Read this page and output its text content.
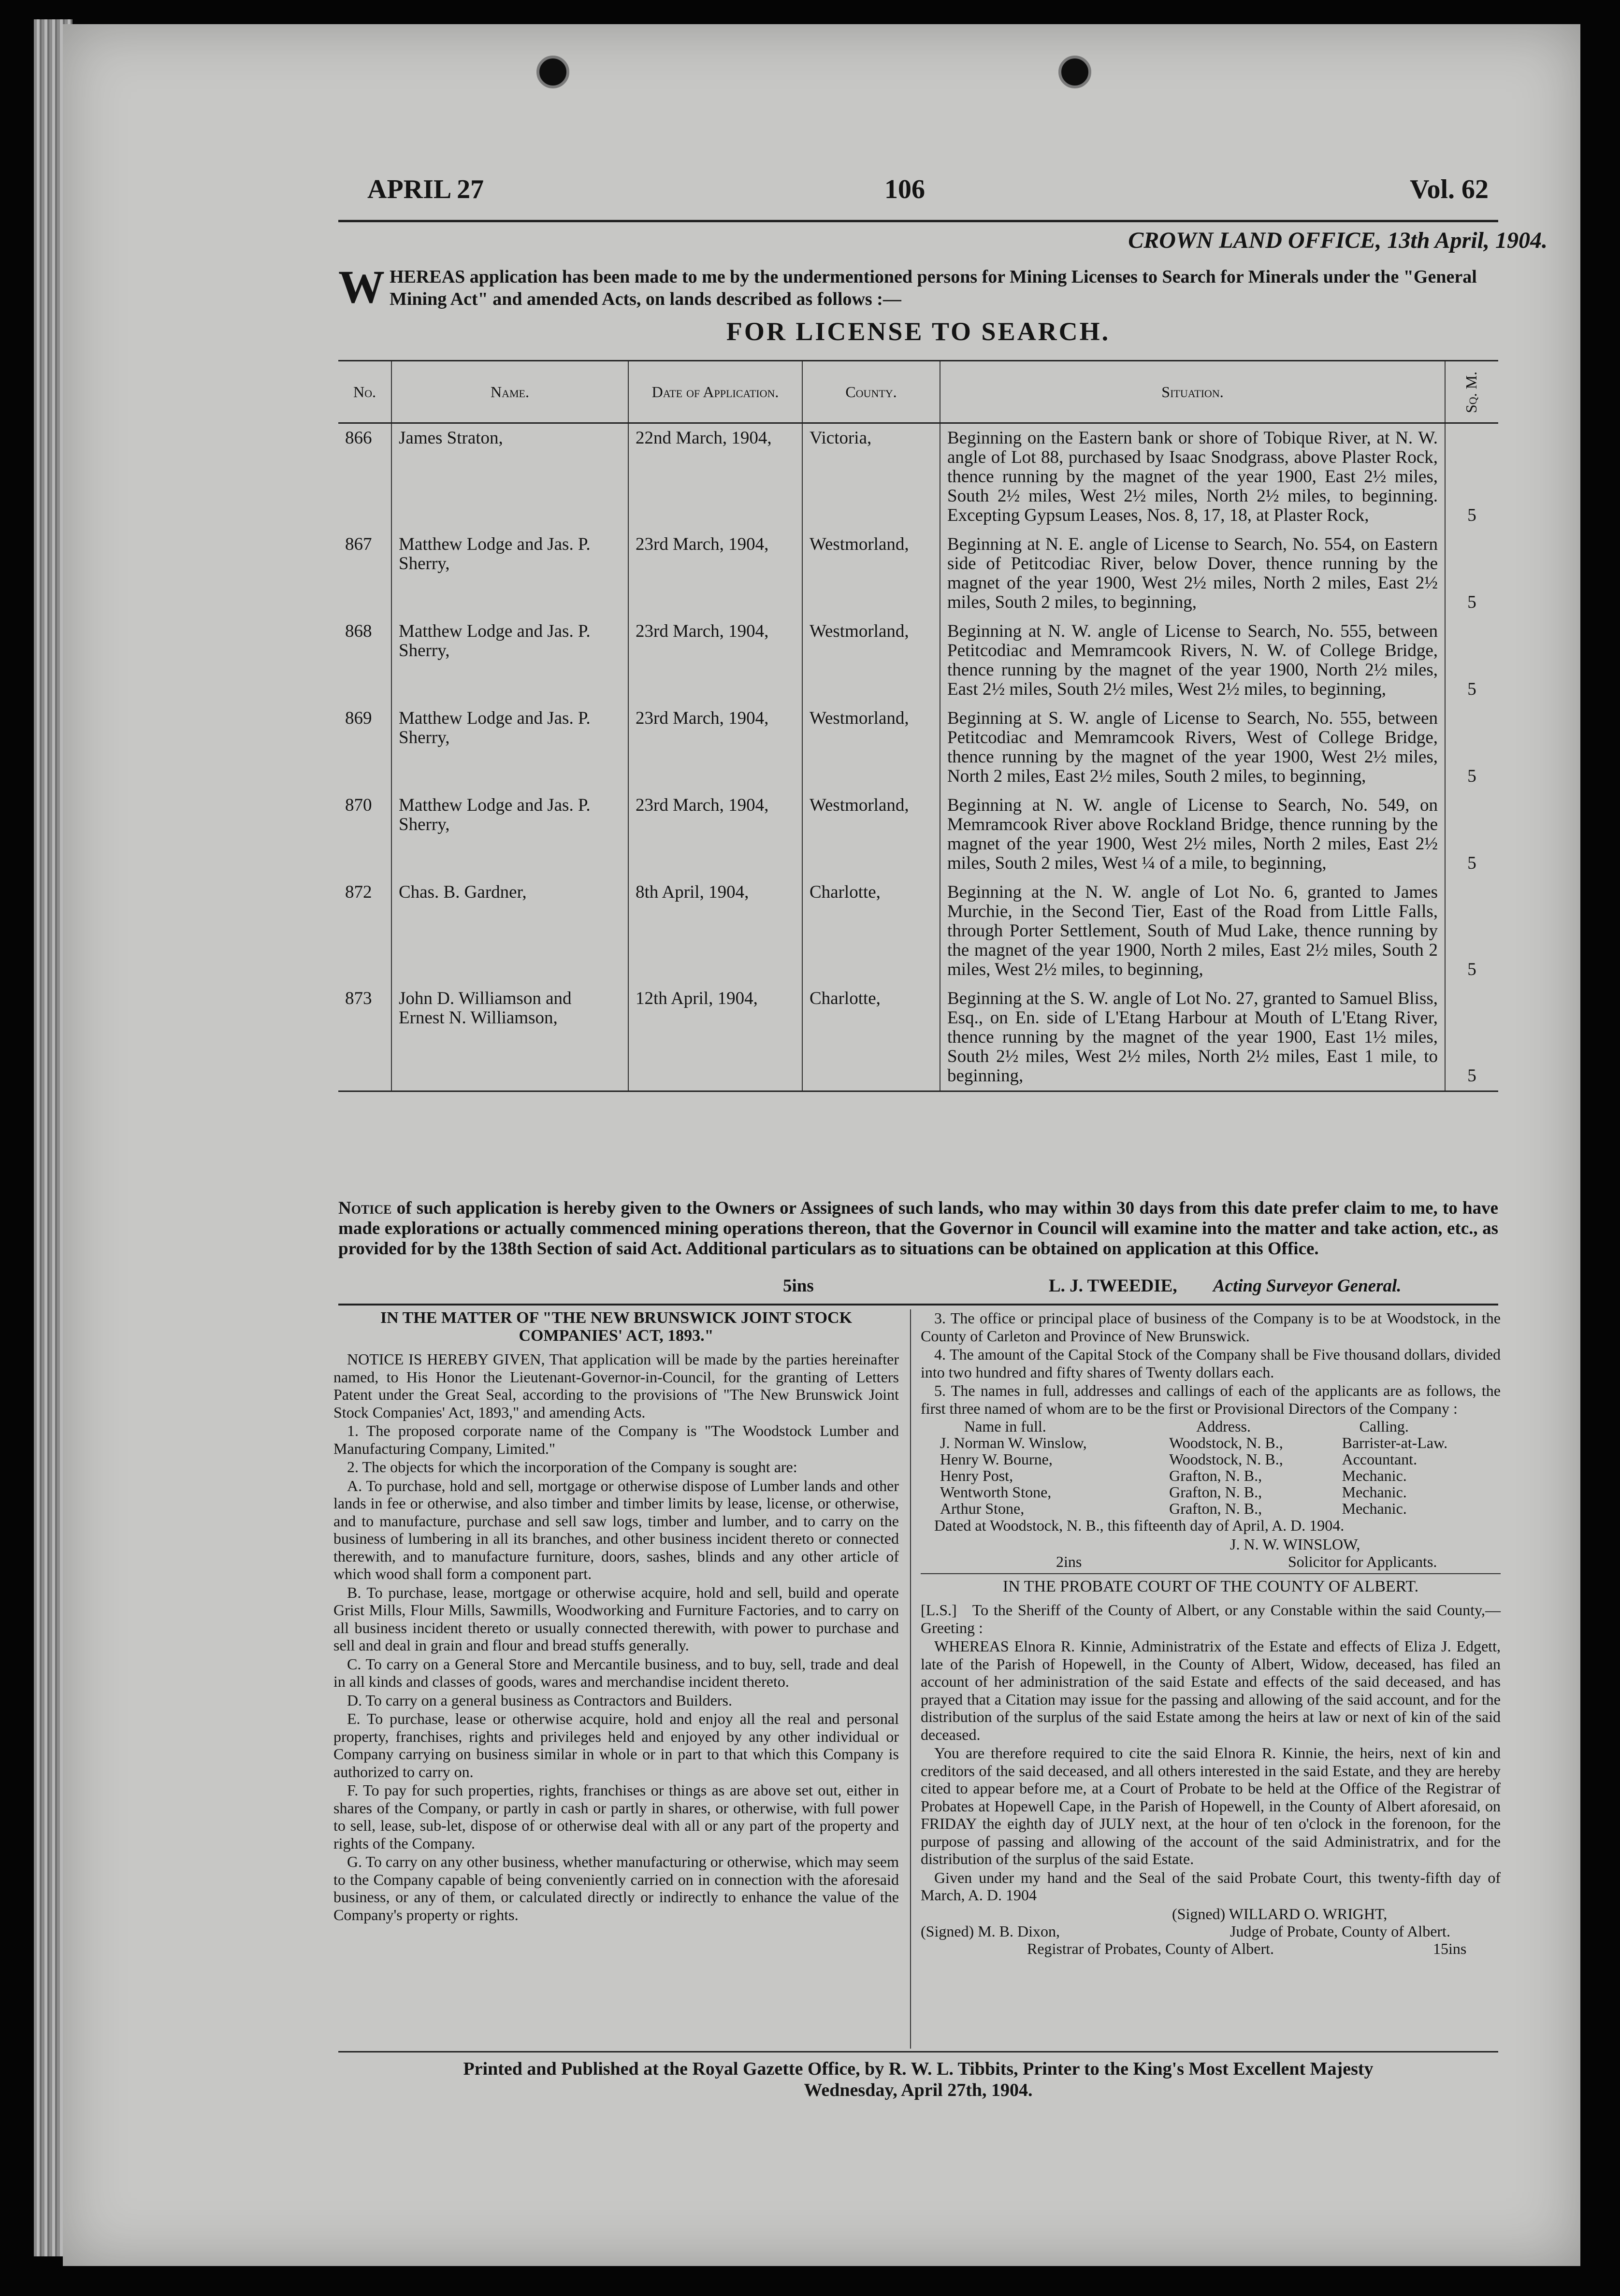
APRIL 27	106	Vol. 62
CROWN LAND OFFICE, 13th April, 1904.
W HEREAS application has been made to me by the undermentioned persons for Mining Licenses to Search for Minerals under the "General Mining Act" and amended Acts, on lands described as follows :—
FOR LICENSE TO SEARCH.
No.	Name.	Date of Application.	County.	Situation.	Sq. M.
866	James Straton,	22nd March, 1904,	Victoria,	Beginning on the Eastern bank or shore of Tobique River, at N. W. angle of Lot 88, purchased by Isaac Snodgrass, above Plaster Rock, thence running by the magnet of the year 1900, East 2½ miles, South 2½ miles, West 2½ miles, North 2½ miles, to beginning. Excepting Gypsum Leases, Nos. 8, 17, 18, at Plaster Rock,	5
867	Matthew Lodge and Jas. P. Sherry,	23rd March, 1904,	Westmorland,	Beginning at N. E. angle of License to Search, No. 554, on Eastern side of Petitcodiac River, below Dover, thence running by the magnet of the year 1900, West 2½ miles, North 2 miles, East 2½ miles, South 2 miles, to beginning,	5
868	Matthew Lodge and Jas. P. Sherry,	23rd March, 1904,	Westmorland,	Beginning at N. W. angle of License to Search, No. 555, between Petitcodiac and Memramcook Rivers, N. W. of College Bridge, thence running by the magnet of the year 1900, North 2½ miles, East 2½ miles, South 2½ miles, West 2½ miles, to beginning,	5
869	Matthew Lodge and Jas. P. Sherry,	23rd March, 1904,	Westmorland,	Beginning at S. W. angle of License to Search, No. 555, between Petitcodiac and Memramcook Rivers, West of College Bridge, thence running by the magnet of the year 1900, West 2½ miles, North 2 miles, East 2½ miles, South 2 miles, to beginning,	5
870	Matthew Lodge and Jas. P. Sherry,	23rd March, 1904,	Westmorland,	Beginning at N. W. angle of License to Search, No. 549, on Memramcook River above Rockland Bridge, thence running by the magnet of the year 1900, West 2½ miles, North 2 miles, East 2½ miles, South 2 miles, West ¼ of a mile, to beginning,	5
872	Chas. B. Gardner,	8th April, 1904,	Charlotte,	Beginning at the N. W. angle of Lot No. 6, granted to James Murchie, in the Second Tier, East of the Road from Little Falls, through Porter Settlement, South of Mud Lake, thence running by the magnet of the year 1900, North 2 miles, East 2½ miles, South 2 miles, West 2½ miles, to beginning,	5
873	John D. Williamson and Ernest N. Williamson,	12th April, 1904,	Charlotte,	Beginning at the S. W. angle of Lot No. 27, granted to Samuel Bliss, Esq., on En. side of L'Etang Harbour at Mouth of L'Etang River, thence running by the magnet of the year 1900, East 1½ miles, South 2½ miles, West 2½ miles, North 2½ miles, East 1 mile, to beginning,	5
Notice of such application is hereby given to the Owners or Assignees of such lands, who may within 30 days from this date prefer claim to me, to have made explorations or actually commenced mining operations thereon, that the Governor in Council will examine into the matter and take action, etc., as provided for by the 138th Section of said Act. Additional particulars as to situations can be obtained on application at this Office.
5ins	L. J. TWEEDIE, Acting Surveyor General.

IN THE MATTER OF "THE NEW BRUNSWICK JOINT STOCK COMPANIES' ACT, 1893."

NOTICE IS HEREBY GIVEN, That application will be made by the parties hereinafter named, to His Honor the Lieutenant-Governor-in-Council, for the granting of Letters Patent under the Great Seal, according to the provisions of "The New Brunswick Joint Stock Companies' Act, 1893," and amending Acts.

1. The proposed corporate name of the Company is "The Woodstock Lumber and Manufacturing Company, Limited."

2. The objects for which the incorporation of the Company is sought are:

A. To purchase, hold and sell, mortgage or otherwise dispose of Lumber lands and other lands in fee or otherwise, and also timber and timber limits by lease, license, or otherwise, and to manufacture, purchase and sell saw logs, timber and lumber, and to carry on the business of lumbering in all its branches, and other business incident thereto or connected therewith, and to manufacture furniture, doors, sashes, blinds and any other article of which wood shall form a component part.

B. To purchase, lease, mortgage or otherwise acquire, hold and sell, build and operate Grist Mills, Flour Mills, Sawmills, Woodworking and Furniture Factories, and to carry on all business incident thereto or usually connected therewith, with power to purchase and sell and deal in grain and flour and bread stuffs generally.

C. To carry on a General Store and Mercantile business, and to buy, sell, trade and deal in all kinds and classes of goods, wares and merchandise incident thereto.

D. To carry on a general business as Contractors and Builders.

E. To purchase, lease or otherwise acquire, hold and enjoy all the real and personal property, franchises, rights and privileges held and enjoyed by any other individual or Company carrying on business similar in whole or in part to that which this Company is authorized to carry on.

F. To pay for such properties, rights, franchises or things as are above set out, either in shares of the Company, or partly in cash or partly in shares, or otherwise, with full power to sell, lease, sub-let, dispose of or otherwise deal with all or any part of the property and rights of the Company.

G. To carry on any other business, whether manufacturing or otherwise, which may seem to the Company capable of being conveniently carried on in connection with the aforesaid business, or any of them, or calculated directly or indirectly to enhance the value of the Company's property or rights.

3. The office or principal place of business of the Company is to be at Woodstock, in the County of Carleton and Province of New Brunswick.

4. The amount of the Capital Stock of the Company shall be Five thousand dollars, divided into two hundred and fifty shares of Twenty dollars each.

5. The names in full, addresses and callings of each of the applicants are as follows, the first three named of whom are to be the first or Provisional Directors of the Company :

Name in full.	Address.	Calling.
J. Norman W. Winslow,	Woodstock, N. B.,	Barrister-at-Law.
Henry W. Bourne,	Woodstock, N. B.,	Accountant.
Henry Post,	Grafton, N. B.,	Mechanic.
Wentworth Stone,	Grafton, N. B.,	Mechanic.
Arthur Stone,	Grafton, N. B.,	Mechanic.

Dated at Woodstock, N. B., this fifteenth day of April, A. D. 1904.

J. N. W. WINSLOW,
2ins	Solicitor for Applicants.

IN THE PROBATE COURT OF THE COUNTY OF ALBERT.

[L.S.] To the Sheriff of the County of Albert, or any Constable within the said County,—Greeting :

WHEREAS Elnora R. Kinnie, Administratrix of the Estate and effects of Eliza J. Edgett, late of the Parish of Hopewell, in the County of Albert, Widow, deceased, has filed an account of her administration of the said Estate and effects of the said deceased, and has prayed that a Citation may issue for the passing and allowing of the said account, and for the distribution of the surplus of the said Estate among the heirs at law or next of kin of the said deceased.

You are therefore required to cite the said Elnora R. Kinnie, the heirs, next of kin and creditors of the said deceased, and all others interested in the said Estate, and they are hereby cited to appear before me, at a Court of Probate to be held at the Office of the Registrar of Probates at Hopewell Cape, in the Parish of Hopewell, in the County of Albert aforesaid, on FRIDAY the eighth day of JULY next, at the hour of ten o'clock in the forenoon, for the purpose of passing and allowing of the account of the said Administratrix, and for the distribution of the surplus of the said Estate.

Given under my hand and the Seal of the said Probate Court, this twenty-fifth day of March, A. D. 1904

(Signed) WILLARD O. WRIGHT,
(Signed) M. B. Dixon,	Judge of Probate, County of Albert.
Registrar of Probates, County of Albert.	15ins
Printed and Published at the Royal Gazette Office, by R. W. L. Tibbits, Printer to the King's Most Excellent Majesty
Wednesday, April 27th, 1904.
